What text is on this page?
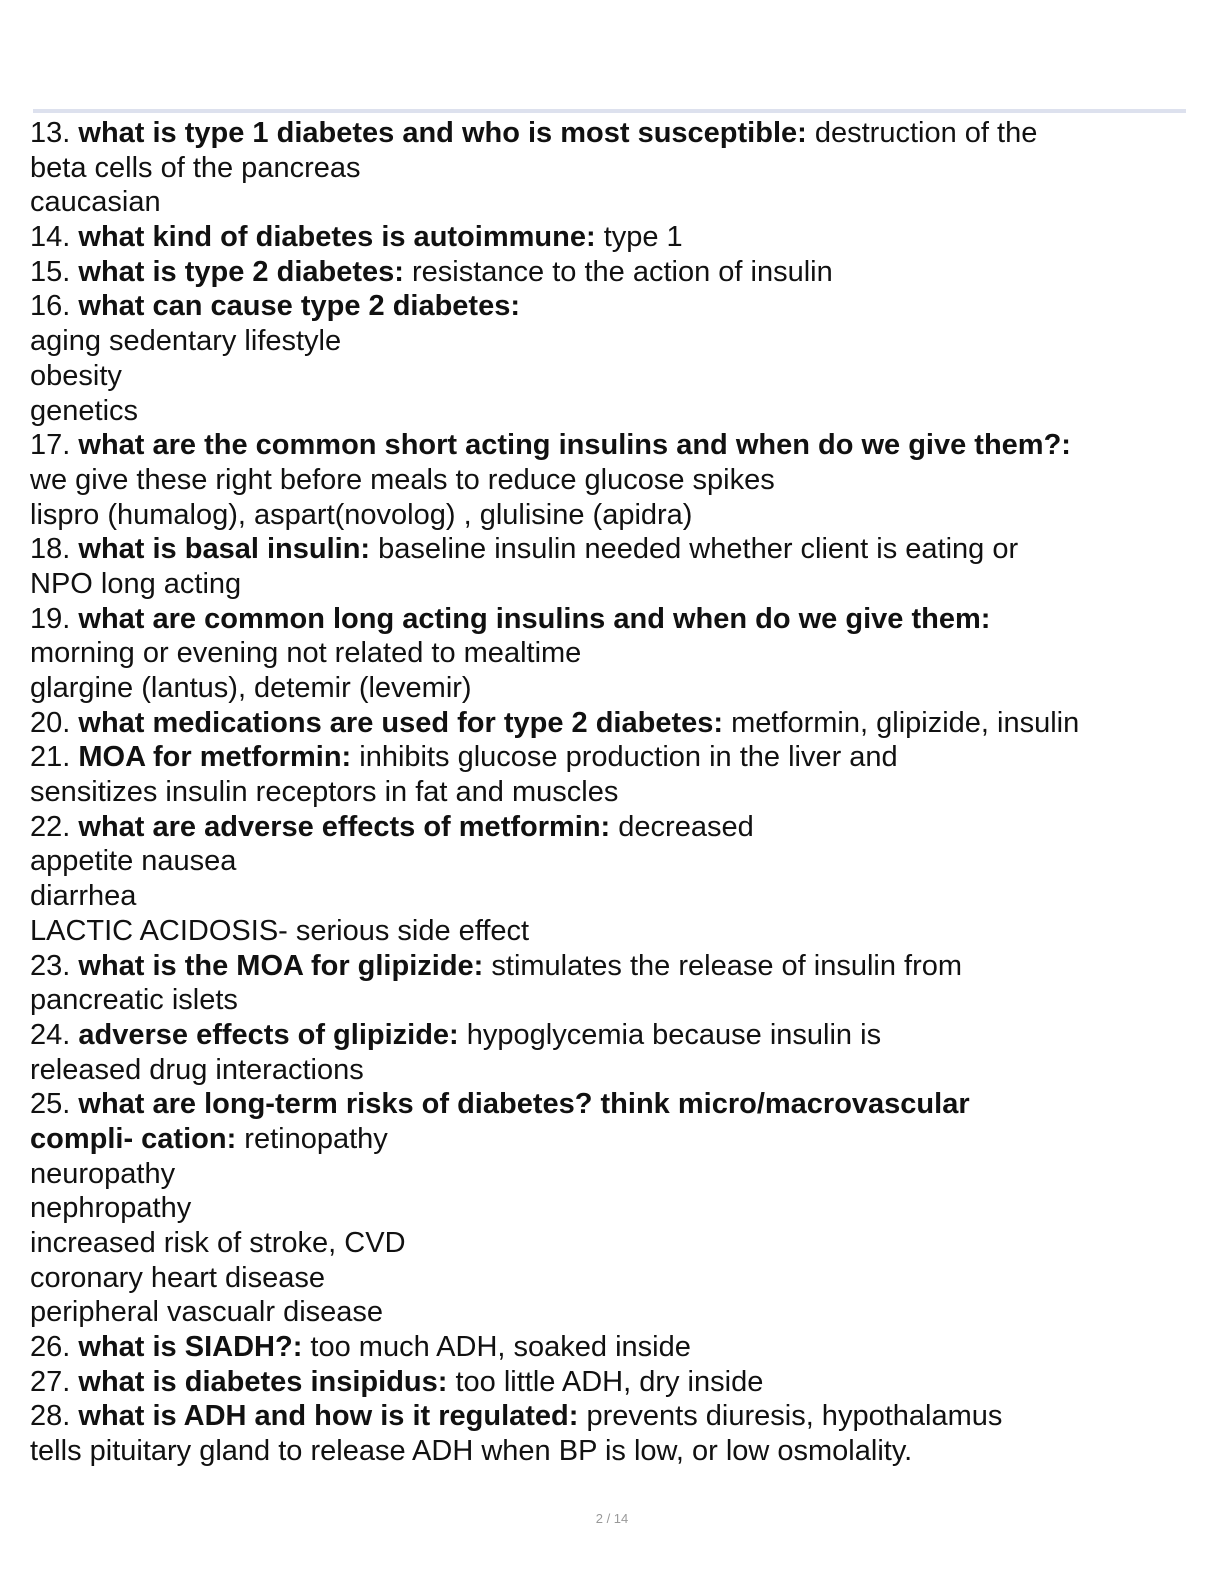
13. what is type 1 diabetes and who is most susceptible: destruction of the
beta cells of the pancreas
caucasian
14. what kind of diabetes is autoimmune: type 1
15. what is type 2 diabetes: resistance to the action of insulin
16. what can cause type 2 diabetes:
aging sedentary lifestyle
obesity
genetics
17. what are the common short acting insulins and when do we give them?:
we give these right before meals to reduce glucose spikes
lispro (humalog), aspart(novolog) , glulisine (apidra)
18. what is basal insulin: baseline insulin needed whether client is eating or
NPO long acting
19. what are common long acting insulins and when do we give them:
morning or evening not related to mealtime
glargine (lantus), detemir (levemir)
20. what medications are used for type 2 diabetes: metformin, glipizide, insulin
21. MOA for metformin: inhibits glucose production in the liver and
sensitizes insulin receptors in fat and muscles
22. what are adverse effects of metformin: decreased
appetite nausea
diarrhea
LACTIC ACIDOSIS- serious side effect
23. what is the MOA for glipizide: stimulates the release of insulin from
pancreatic islets
24. adverse effects of glipizide: hypoglycemia because insulin is
released drug interactions
25. what are long-term risks of diabetes? think micro/macrovascular
compli- cation: retinopathy
neuropathy
nephropathy
increased risk of stroke, CVD
coronary heart disease
peripheral vascualr disease
26. what is SIADH?: too much ADH, soaked inside
27. what is diabetes insipidus: too little ADH, dry inside
28. what is ADH and how is it regulated: prevents diuresis, hypothalamus
tells pituitary gland to release ADH when BP is low, or low osmolality.
2 / 14
